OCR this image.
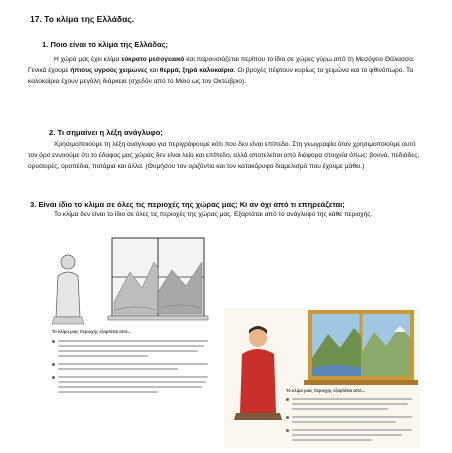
17. Το κλίμα της Ελλάδας.

1. Ποιο είναι το κλίμα της Ελλάδας;

Η χώρα μας έχει κλίμα εύκρατο μεσογειακό και παρουσιάζεται περίπου το ίδιο σε χώρες γύρω από τη Μεσόγειο Θάλασσα. Γενικά έχουμε ήπιους υγρούς χειμώνες και θερμά, ξηρά καλοκαίρια. Οι βροχές πέφτουν κυρίως το χειμώνα και το φθινόπωρο. Τα καλοκαίρια έχουν μεγάλη διάρκεια (σχεδόν από το Μάιο ως τον Οκτώβριο).

2. Τι σημαίνει η λέξη ανάγλυφο;

Χρησιμοποιούμε τη λέξη ανάγλυφο για περιγράφουμε κάτι που δεν είναι επίπεδο. Στη γεωγραφία όταν χρησιμοποιούμε αυτό τον όρο εννοούμε ότι το έδαφος μας χώρας δεν είναι λείο και επίπεδο, αλλά αποτελείται από διάφορα στοιχεία όπως: βουνά, πεδιάδες, οροσειρές, οροπέδια, ποτάμια και άλλα. (Θυμήσου τον οριζόντιο και τον κατακόρυφο διαμελισμό που έχουμε μάθει.)

3. Είναι ίδιο το κλίμα σε όλες τις περιοχές της χώρας μας; Κι αν όχι από τι επηρεάζεται;

Το κλίμα δεν είναι το ίδιο σε όλες τις περιοχές της χώρας μας. Εξαρτάται από το ανάγλυφο της κάθε περιοχής.

Το κλίμα μιας περιοχής εξαρτάται από...
Το κλίμα μιας περιοχής εξαρτάται από...
